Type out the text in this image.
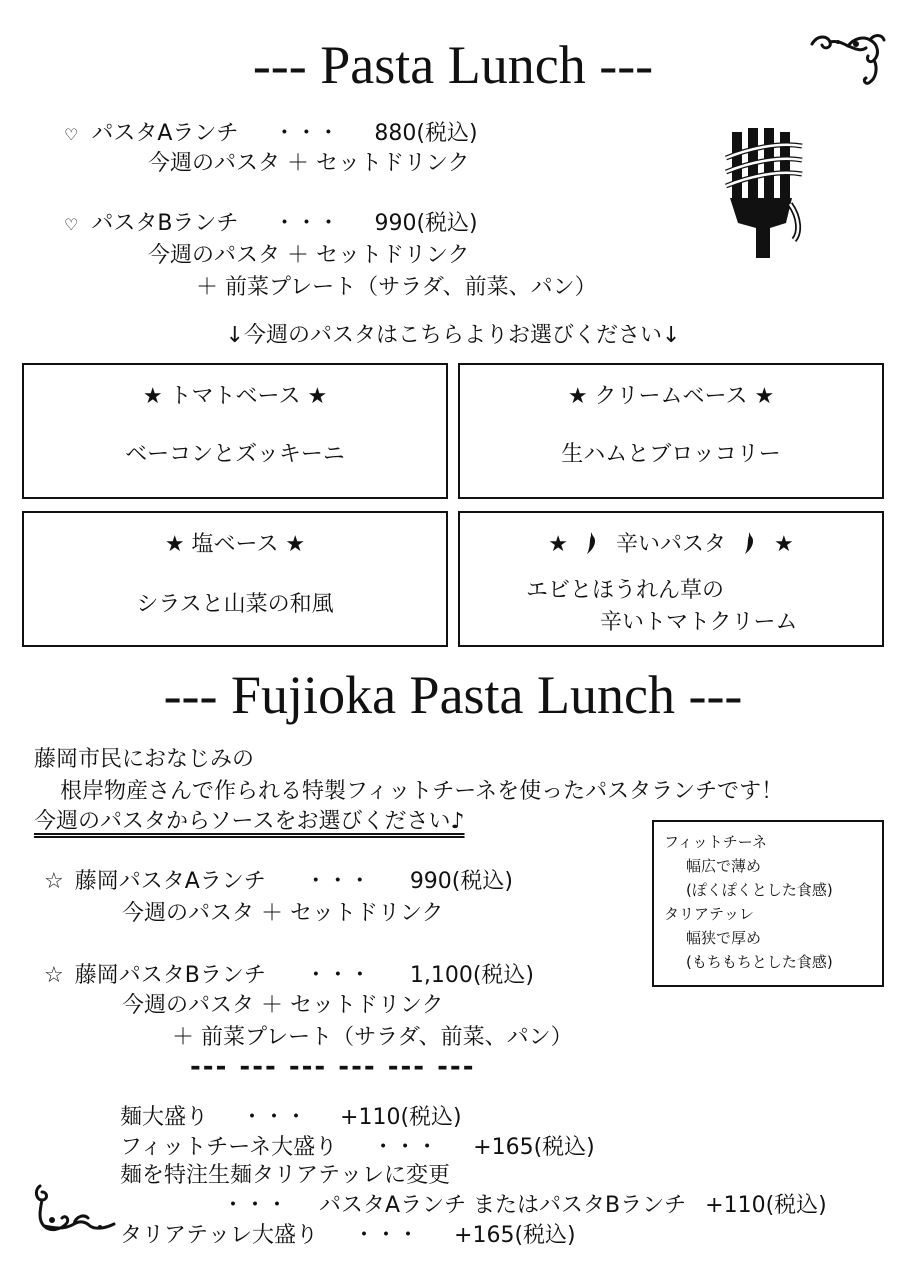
--- Pasta Lunch ---
♡ パスタAランチ ・・・ 880(税込)
今週のパスタ ＋ セットドリンク
♡ パスタBランチ ・・・ 990(税込)
今週のパスタ ＋ セットドリンク
＋ 前菜プレート（サラダ、前菜、パン）
↓今週のパスタはこちらよりお選びください↓
★ トマトベース ★
ベーコンとズッキーニ
★ クリームベース ★
生ハムとブロッコリー
★ 塩ベース ★
シラスと山菜の和風
★ 辛いパスタ ★
エビとほうれん草の
辛いトマトクリーム
--- Fujioka Pasta Lunch ---
藤岡市民におなじみの
根岸物産さんで作られる特製フィットチーネを使ったパスタランチです！
今週のパスタからソースをお選びください♪
フィットチーネ
幅広で薄め
(ぽくぽくとした食感)
タリアテッレ
幅狭で厚め
(もちもちとした食感)
☆ 藤岡パスタAランチ ・・・ 990(税込)
今週のパスタ ＋ セットドリンク
☆ 藤岡パスタBランチ ・・・ 1,100(税込)
今週のパスタ ＋ セットドリンク
＋ 前菜プレート（サラダ、前菜、パン）
--- --- --- --- --- ---
麺大盛り ・・・ +110(税込)
フィットチーネ大盛り ・・・ +165(税込)
麺を特注生麺タリアテッレに変更
・・・ パスタAランチ またはパスタBランチ +110(税込)
タリアテッレ大盛り ・・・ +165(税込)
